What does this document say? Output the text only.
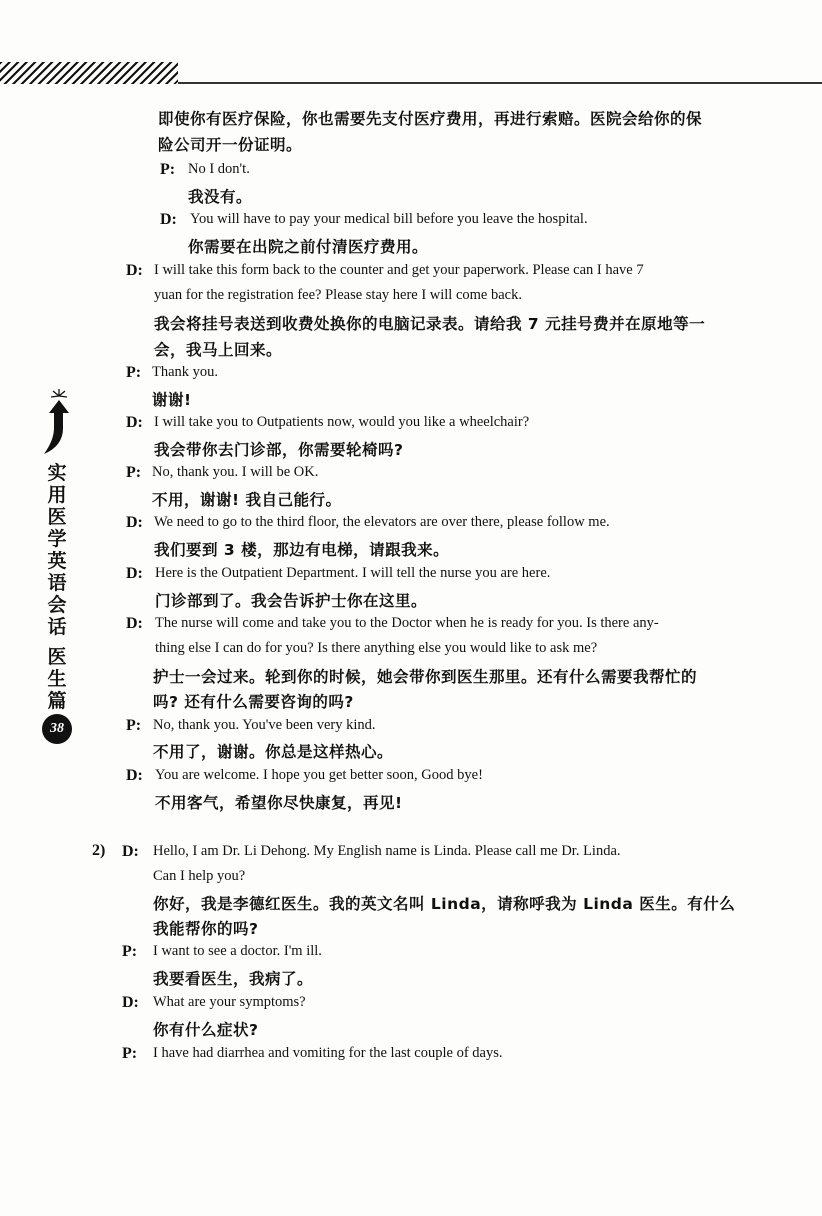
实
用
医
学
英
语
会
话
医
生
篇
38
2)
即使你有医疗保险，你也需要先支付医疗费用，再进行索赔。医院会给你的保
险公司开一份证明。
P: No I don't.
我没有。
D: You will have to pay your medical bill before you leave the hospital.
你需要在出院之前付清医疗费用。
D: I will take this form back to the counter and get your paperwork. Please can I have 7
yuan for the registration fee? Please stay here I will come back.
我会将挂号表送到收费处换你的电脑记录表。请给我 7 元挂号费并在原地等一
会，我马上回来。
P: Thank you.
谢谢!
D: I will take you to Outpatients now, would you like a wheelchair?
我会带你去门诊部，你需要轮椅吗?
P: No, thank you. I will be OK.
不用，谢谢! 我自己能行。
D: We need to go to the third floor, the elevators are over there, please follow me.
我们要到 3 楼，那边有电梯，请跟我来。
D: Here is the Outpatient Department. I will tell the nurse you are here.
门诊部到了。我会告诉护士你在这里。
D: The nurse will come and take you to the Doctor when he is ready for you. Is there any-
thing else I can do for you? Is there anything else you would like to ask me?
护士一会过来。轮到你的时候，她会带你到医生那里。还有什么需要我帮忙的
吗? 还有什么需要咨询的吗?
P: No, thank you. You've been very kind.
不用了，谢谢。你总是这样热心。
D: You are welcome. I hope you get better soon, Good bye!
不用客气，希望你尽快康复，再见!
D: Hello, I am Dr. Li Dehong. My English name is Linda. Please call me Dr. Linda.
Can I help you?
你好，我是李德红医生。我的英文名叫 Linda，请称呼我为 Linda 医生。有什么
我能帮你的吗?
P: I want to see a doctor. I'm ill.
我要看医生，我病了。
D: What are your symptoms?
你有什么症状?
P: I have had diarrhea and vomiting for the last couple of days.
